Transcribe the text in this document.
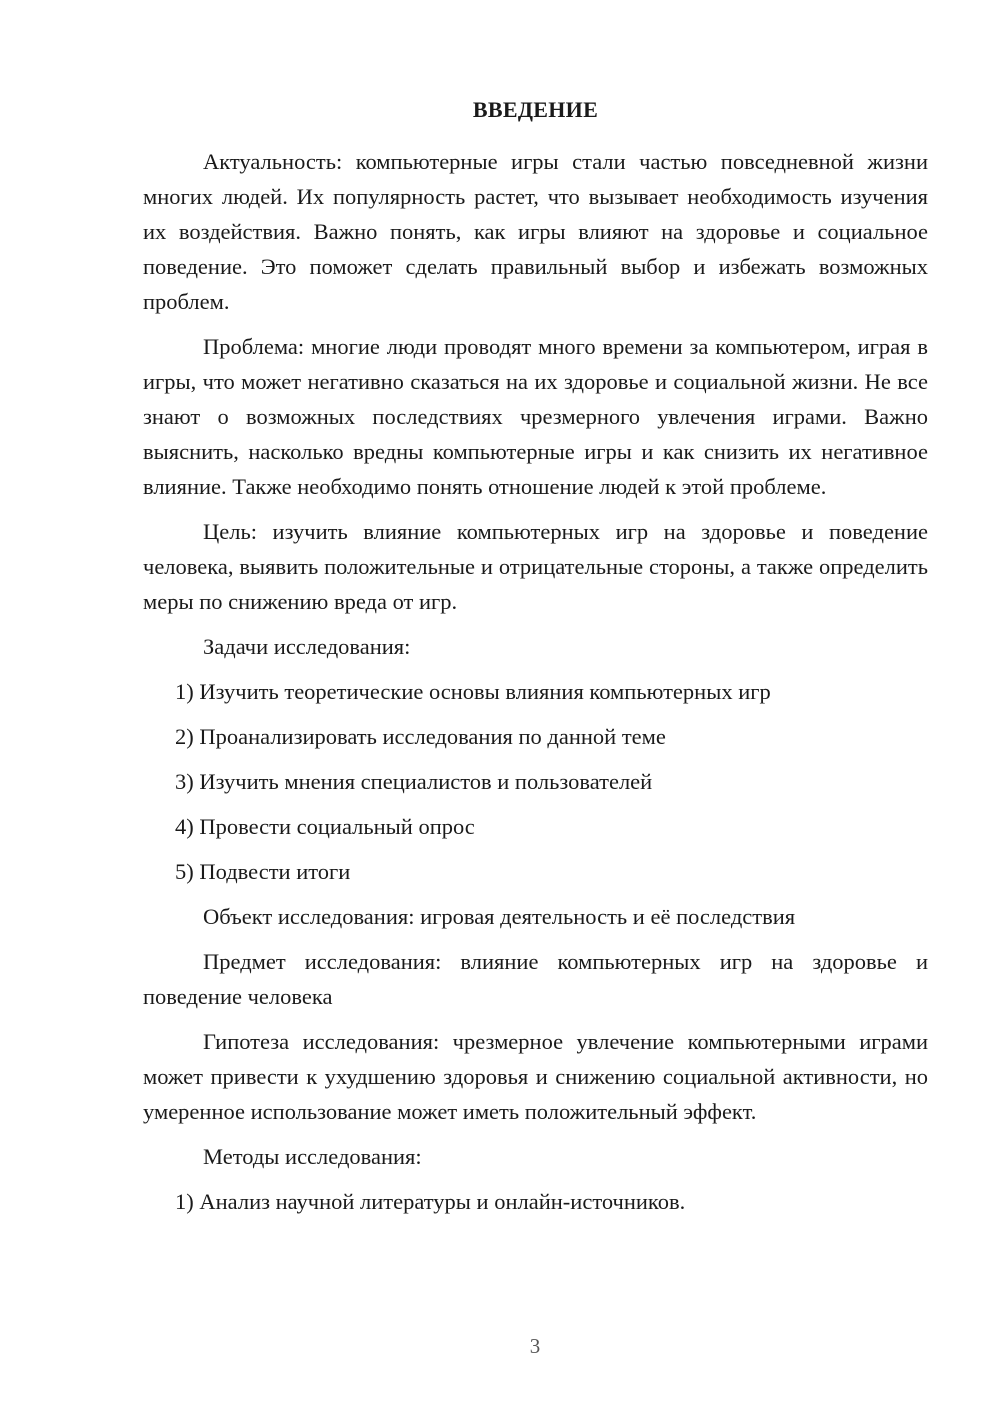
ВВЕДЕНИЕ

Актуальность: компьютерные игры стали частью повседневной жизни многих людей. Их популярность растет, что вызывает необходимость изучения их воздействия. Важно понять, как игры влияют на здоровье и социальное поведение. Это поможет сделать правильный выбор и избежать возможных проблем.

Проблема: многие люди проводят много времени за компьютером, играя в игры, что может негативно сказаться на их здоровье и социальной жизни. Не все знают о возможных последствиях чрезмерного увлечения играми. Важно выяснить, насколько вредны компьютерные игры и как снизить их негативное влияние. Также необходимо понять отношение людей к этой проблеме.

Цель: изучить влияние компьютерных игр на здоровье и поведение человека, выявить положительные и отрицательные стороны, а также определить меры по снижению вреда от игр.

Задачи исследования:
1) Изучить теоретические основы влияния компьютерных игр
2) Проанализировать исследования по данной теме
3) Изучить мнения специалистов и пользователей
4) Провести социальный опрос
5) Подвести итоги

Объект исследования: игровая деятельность и её последствия

Предмет исследования: влияние компьютерных игр на здоровье и поведение человека

Гипотеза исследования: чрезмерное увлечение компьютерными играми может привести к ухудшению здоровья и снижению социальной активности, но умеренное использование может иметь положительный эффект.

Методы исследования:
1) Анализ научной литературы и онлайн-источников.
3
